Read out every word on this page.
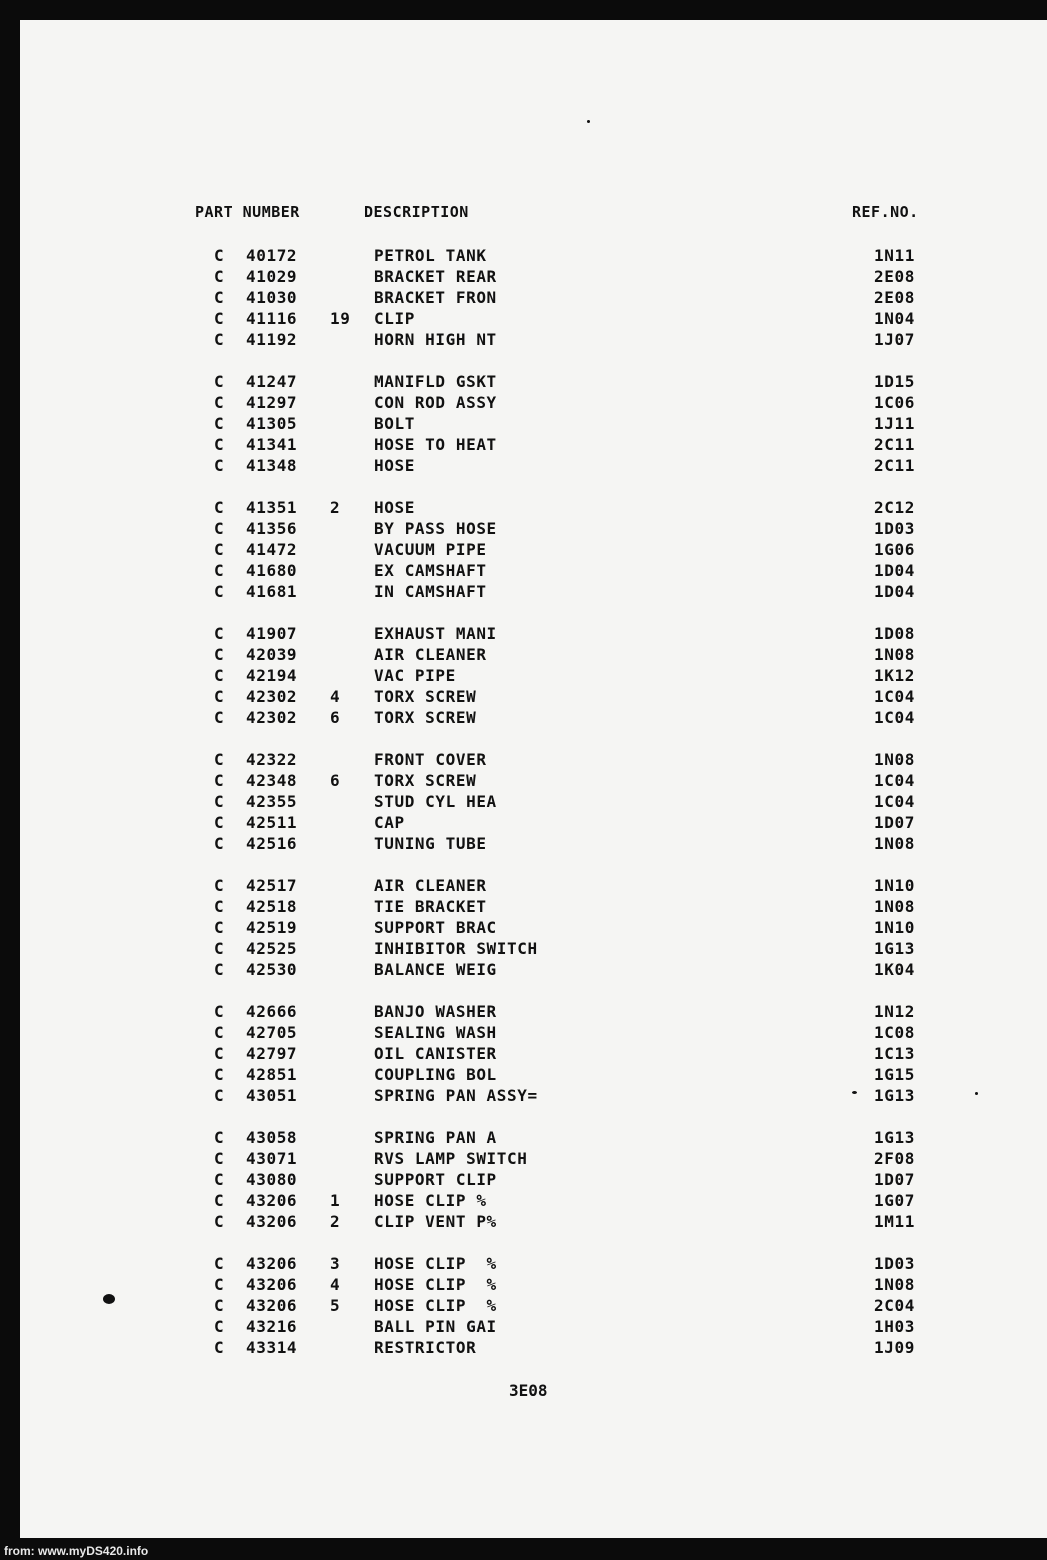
PART NUMBER	DESCRIPTION	REF.NO.
C 40172	PETROL TANK	1N11
C 41029	BRACKET REAR	2E08
C 41030	BRACKET FRON	2E08
C 41116 19 CLIP	1N04
C 41192	HORN HIGH NT	1J07
C 41247	MANIFLD GSKT	1D15
C 41297	CON ROD ASSY	1C06
C 41305	BOLT	1J11
C 41341	HOSE TO HEAT	2C11
C 41348	HOSE	2C11
C 41351 2 HOSE	2C12
C 41356	BY PASS HOSE	1D03
C 41472	VACUUM PIPE	1G06
C 41680	EX CAMSHAFT	1D04
C 41681	IN CAMSHAFT	1D04
C 41907	EXHAUST MANI	1D08
C 42039	AIR CLEANER	1N08
C 42194	VAC PIPE	1K12
C 42302 4 TORX SCREW	1C04
C 42302 6 TORX SCREW	1C04
C 42322	FRONT COVER	1N08
C 42348 6 TORX SCREW	1C04
C 42355	STUD CYL HEA	1C04
C 42511	CAP	1D07
C 42516	TUNING TUBE	1N08
C 42517	AIR CLEANER	1N10
C 42518	TIE BRACKET	1N08
C 42519	SUPPORT BRAC	1N10
C 42525	INHIBITOR SWITCH	1G13
C 42530	BALANCE WEIG	1K04
C 42666	BANJO WASHER	1N12
C 42705	SEALING WASH	1C08
C 42797	OIL CANISTER	1C13
C 42851	COUPLING BOL	1G15
C 43051	SPRING PAN ASSY=	1G13
C 43058	SPRING PAN A	1G13
C 43071	RVS LAMP SWITCH	2F08
C 43080	SUPPORT CLIP	1D07
C 43206 1 HOSE CLIP %	1G07
C 43206 2 CLIP VENT P%	1M11
C 43206 3 HOSE CLIP  %	1D03
C 43206 4 HOSE CLIP  %	1N08
C 43206 5 HOSE CLIP  %	2C04
C 43216	BALL PIN GAI	1H03
C 43314	RESTRICTOR	1J09
3E08
from: www.myDS420.info
